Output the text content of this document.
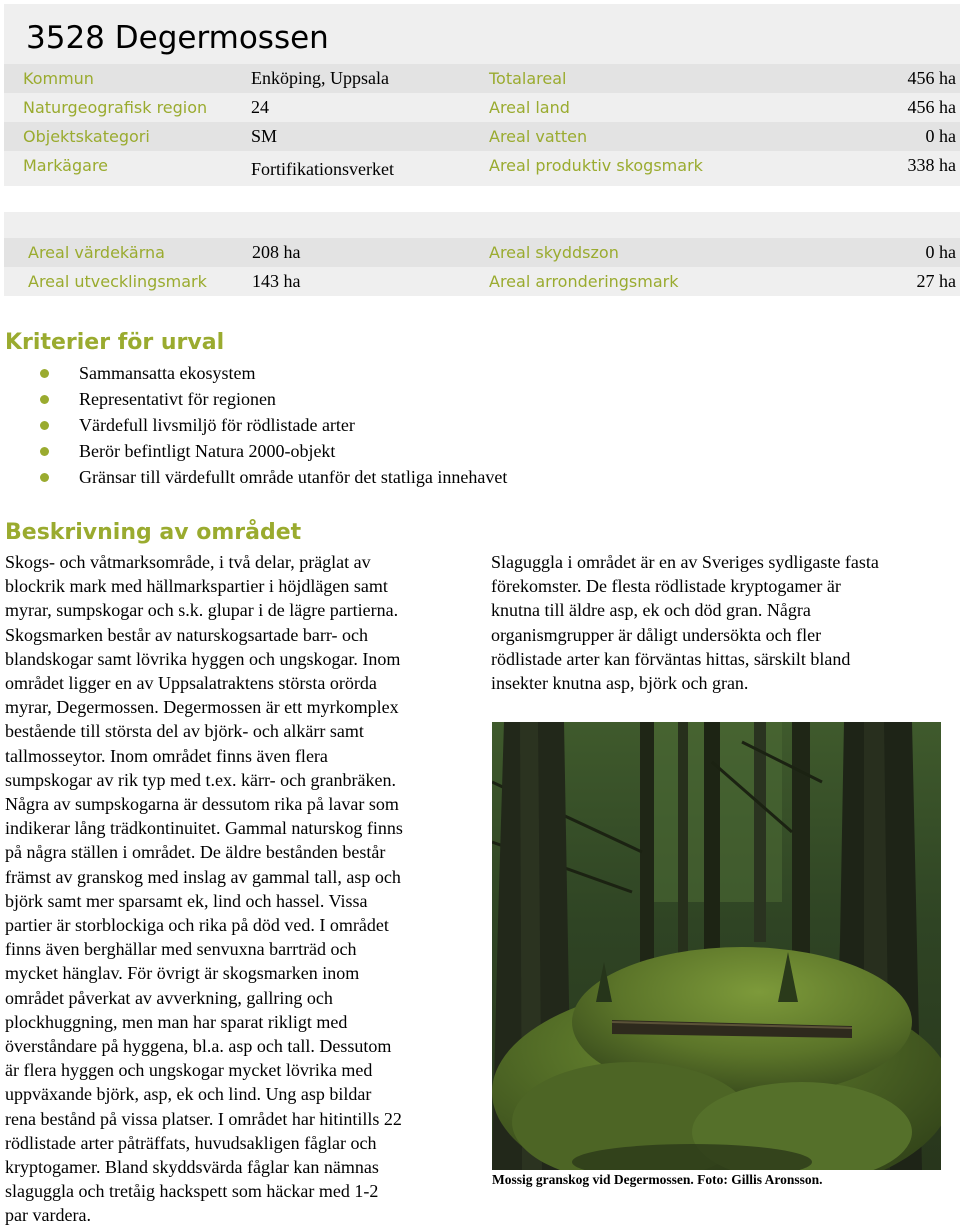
3528 Degermossen
Kommun	Enköping, Uppsala	Totalareal	456 ha
Naturgeografisk region 24	Areal land	456 ha
Objektskategori	SM	Areal vatten	0 ha
Markägare	Fortifikationsverket	Areal produktiv skogsmark	338 ha
Areal värdekärna	208 ha	Areal skyddszon	0 ha
Areal utvecklingsmark	143 ha	Areal arronderingsmark	27 ha
Kriterier för urval
Sammansatta ekosystem
Representativt för regionen
Värdefull livsmiljö för rödlistade arter
Berör befintligt Natura 2000-objekt
Gränsar till värdefullt område utanför det statliga innehavet
Beskrivning av området
Skogs- och våtmarksområde, i två delar, präglat av
blockrik mark med hällmarkspartier i höjdlägen samt
myrar, sumpskogar och s.k. glupar i de lägre partierna.
Skogsmarken består av naturskogsartade barr- och
blandskogar samt lövrika hyggen och ungskogar. Inom
området ligger en av Uppsalatraktens största orörda
myrar, Degermossen. Degermossen är ett myrkomplex
bestående till största del av björk- och alkärr samt
tallmosseytor. Inom området finns även flera
sumpskogar av rik typ med t.ex. kärr- och granbräken.
Några av sumpskogarna är dessutom rika på lavar som
indikerar lång trädkontinuitet. Gammal naturskog finns
på några ställen i området. De äldre bestånden består
främst av granskog med inslag av gammal tall, asp och
björk samt mer sparsamt ek, lind och hassel. Vissa
partier är storblockiga och rika på död ved. I området
finns även berghällar med senvuxna barrträd och
mycket hänglav. För övrigt är skogsmarken inom
området påverkat av avverkning, gallring och
plockhuggning, men man har sparat rikligt med
överståndare på hyggena, bl.a. asp och tall. Dessutom
är flera hyggen och ungskogar mycket lövrika med
uppväxande björk, asp, ek och lind. Ung asp bildar
rena bestånd på vissa platser. I området har hitintills 22
rödlistade arter påträffats, huvudsakligen fåglar och
kryptogamer. Bland skyddsvärda fåglar kan nämnas
slaguggla och tretåig hackspett som häckar med 1-2
par vardera.
Slaguggla i området är en av Sveriges sydligaste fasta
förekomster. De flesta rödlistade kryptogamer är
knutna till äldre asp, ek och död gran. Några
organismgrupper är dåligt undersökta och fler
rödlistade arter kan förväntas hittas, särskilt bland
insekter knutna asp, björk och gran.

Mossig granskog vid Degermossen. Foto: Gillis Aronsson.
